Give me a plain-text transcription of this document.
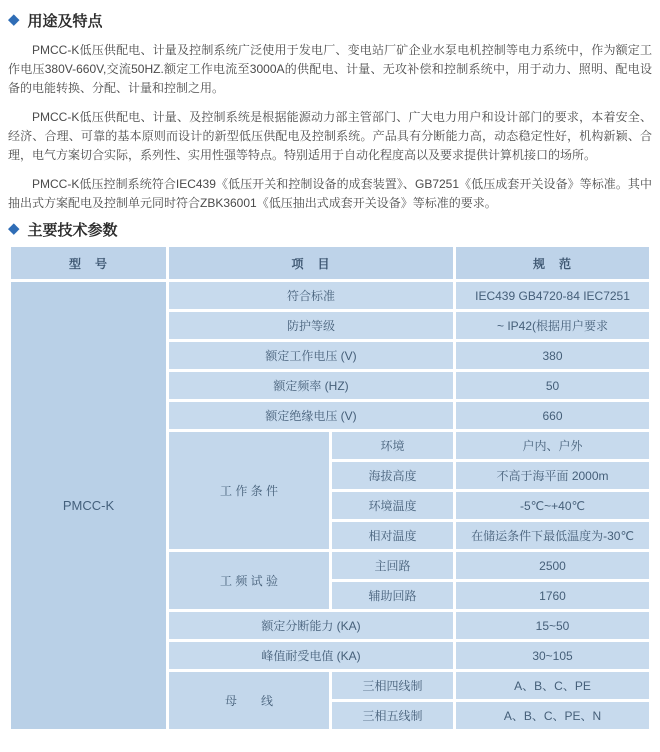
◆ 用途及特点

PMCC-K低压供配电、计量及控制系统广泛使用于发电厂、变电站厂矿企业水泵电机控制等电力系统中，作为额定工作电压380V-660V,交流50HZ.额定工作电流至3000A的供配电、计量、无攻补偿和控制系统中，用于动力、照明、配电设备的电能转换、分配、计量和控制之用。

PMCC-K低压供配电、计量、及控制系统是根据能源动力部主管部门、广大电力用户和设计部门的要求，本着安全、经济、合理、可靠的基本原则而设计的新型低压供配电及控制系统。产品具有分断能力高，动态稳定性好，机构新颖、合理，电气方案切合实际，系列性、实用性强等特点。特别适用于自动化程度高以及要求提供计算机接口的场所。

PMCC-K低压控制系统符合IEC439《低压开关和控制设备的成套装置》、GB7251《低压成套开关设备》等标准。其中抽出式方案配电及控制单元同时符合ZBK36001《低压抽出式成套开关设备》等标准的要求。

◆ 主要技术参数
型　号	项　目		规　范
PMCC-K	符合标准		IEC439 GB4720-84 IEC7251
	防护等级		~ IP42(根据用户要求
	额定工作电压 (V)		380
	额定频率 (HZ)		50
	额定绝缘电压 (V)		660
	工 作 条 件	环境	户内、户外
		海拔高度	不高于海平面 2000m
		环境温度	-5℃~+40℃
		相对温度	在储运条件下最低温度为-30℃
	工 频 试 验	主回路	2500
		辅助回路	1760
	额定分断能力 (KA)		15~50
	峰值耐受电值 (KA)		30~105
	母　　线	三相四线制	A、B、C、PE
		三相五线制	A、B、C、PE、N
